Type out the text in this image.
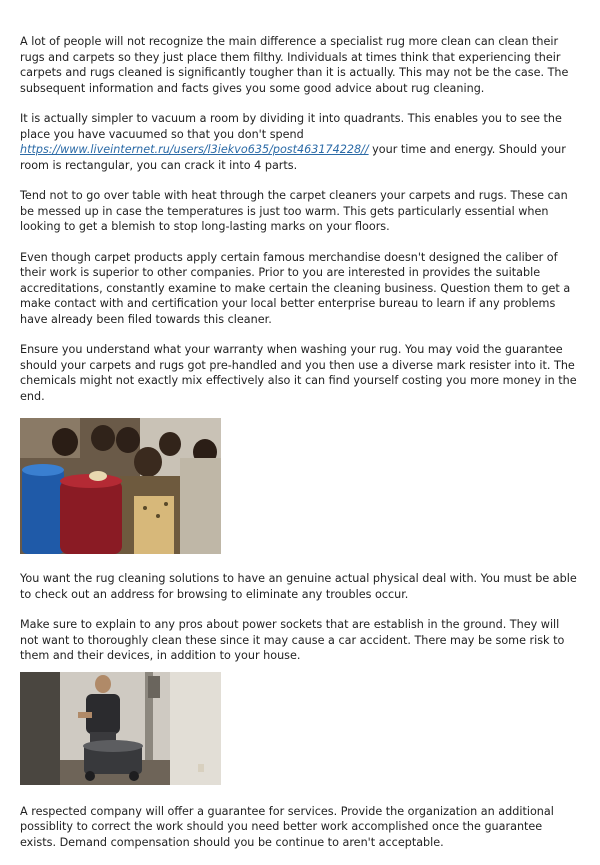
A lot of people will not recognize the main difference a specialist rug more clean can clean their rugs and carpets so they just place them filthy. Individuals at times think that experiencing their carpets and rugs cleaned is significantly tougher than it is actually. This may not be the case. The subsequent information and facts gives you some good advice about rug cleaning.

It is actually simpler to vacuum a room by dividing it into quadrants. This enables you to see the place you have vacuumed so that you don't spend https://www.liveinternet.ru/users/l3iekvo635/post463174228// your time and energy. Should your room is rectangular, you can crack it into 4 parts.

Tend not to go over table with heat through the carpet cleaners your carpets and rugs. These can be messed up in case the temperatures is just too warm. This gets particularly essential when looking to get a blemish to stop long-lasting marks on your floors.

Even though carpet products apply certain famous merchandise doesn't designed the caliber of their work is superior to other companies. Prior to you are interested in provides the suitable accreditations, constantly examine to make certain the cleaning business. Question them to get a make contact with and certification your local better enterprise bureau to learn if any problems have already been filed towards this cleaner.

Ensure you understand what your warranty when washing your rug. You may void the guarantee should your carpets and rugs got pre-handled and you then use a diverse mark resister into it. The chemicals might not exactly mix effectively also it can find yourself costing you more money in the end.

You want the rug cleaning solutions to have an genuine actual physical deal with. You must be able to check out an address for browsing to eliminate any troubles occur.

Make sure to explain to any pros about power sockets that are establish in the ground. They will not want to thoroughly clean these since it may cause a car accident. There may be some risk to them and their devices, in addition to your house.

A respected company will offer a guarantee for services. Provide the organization an additional possiblity to correct the work should you need better work accomplished once the guarantee exists. Demand compensation should you be continue to aren't acceptable.
